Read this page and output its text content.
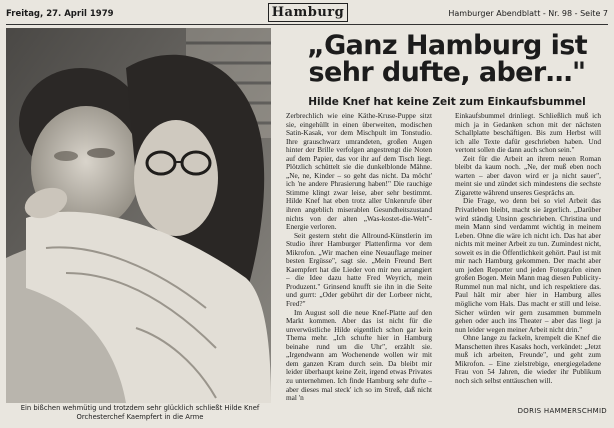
Freitag, 27. April 1979	Hamburg	Hamburger Abendblatt - Nr. 98 - Seite 7
Ein bißchen wehmütig und trotzdem sehr glücklich schließt Hilde Knef Orchesterchef Kaempfert in die Arme
„Ganz Hamburg ist
sehr dufte, aber…"
Hilde Knef hat keine Zeit zum Einkaufsbummel

Zerbrechlich wie eine Käthe-Kruse-Puppe sitzt sie, eingehüllt in einen überweiten, modischen Satin-Kasak, vor dem Mischpult im Tonstudio. Ihre grauschwarz umrandeten, großen Augen hinter der Brille verfolgen angestrengt die Noten auf dem Papier, das vor ihr auf dem Tisch liegt. Plötzlich schüttelt sie die dunkelblonde Mähne. „Ne, ne, Kinder – so geht das nicht. Da möcht' ich 'ne andere Phrasierung haben!" Die rauchige Stimme klingt zwar leise, aber sehr bestimmt. Hilde Knef hat eben trotz aller Unkenrufe über ihren angeblich miserablen Gesundheitszustand nichts von der alten „Was-kostet-die-Welt"-Energie verloren.

Seit gestern steht die Allround-Künstlerin im Studio ihrer Hamburger Plattenfirma vor dem Mikrofon. „Wir machen eine Neuauflage meiner besten Ergüsse", sagt sie. „Mein Freund Bert Kaempfert hat die Lieder von mir neu arrangiert – die Idee dazu hatte Fred Weyrich, mein Produzent." Grinsend knufft sie ihn in die Seite und gurrt: „Oder gebührt dir der Lorbeer nicht, Fred?"

Im August soll die neue Knef-Platte auf den Markt kommen. Aber das ist nicht für die unverwüstliche Hilde eigentlich schon gar kein Thema mehr. „Ich schufte hier in Hamburg beinahe rund um die Uhr", erzählt sie. „Irgendwann am Wochenende wollen wir mit dem ganzen Kram durch sein. Da bleibt mir leider überhaupt keine Zeit, irgend etwas Privates zu unternehmen. Ich finde Hamburg sehr dufte – aber dieses mal steck' ich so im Streß, daß nicht mal 'n

Einkaufsbummel drinliegt. Schließlich muß ich mich ja in Gedanken schon mit der nächsten Schallplatte beschäftigen. Bis zum Herbst will ich alle Texte dafür geschrieben haben. Und vertont sollen die dann auch schon sein."

Zeit für die Arbeit an ihrem neuen Roman bleibt da kaum noch. „Ne, der muß eben noch warten – aber davon wird er ja nicht sauer", meint sie und zündet sich mindestens die sechste Zigarette während unseres Gesprächs an.

Die Frage, wo denn bei so viel Arbeit das Privatleben bleibt, macht sie ärgerlich. „Darüber wird ständig Unsinn geschrieben. Christina und mein Mann sind verdammt wichtig in meinem Leben. Ohne die wäre ich nicht ich. Das hat aber nichts mit meiner Arbeit zu tun. Zumindest nicht, soweit es in die Öffentlichkeit gehört. Paul ist mit mir nach Hamburg gekommen. Der macht aber um jeden Reporter und jeden Fotografen einen großen Bogen. Mein Mann mag diesen Publicity-Rummel nun mal nicht, und ich respektiere das. Paul hält mir aber hier in Hamburg alles mögliche vom Hals. Das macht er still und leise. Sicher würden wir gern zusammen bummeln gehen oder auch ins Theater – aber das liegt ja nun leider wegen meiner Arbeit nicht drin."

Ohne lange zu fackeln, krempelt die Knef die Manschetten ihres Kasaks hoch, verkündet: „Jetzt muß ich arbeiten, Freunde", und geht zum Mikrofon. – Eine zielstrebige, energiegeladene Frau von 54 Jahren, die wieder ihr Publikum noch sich selbst enttäuschen will.

DORIS HAMMERSCHMID
